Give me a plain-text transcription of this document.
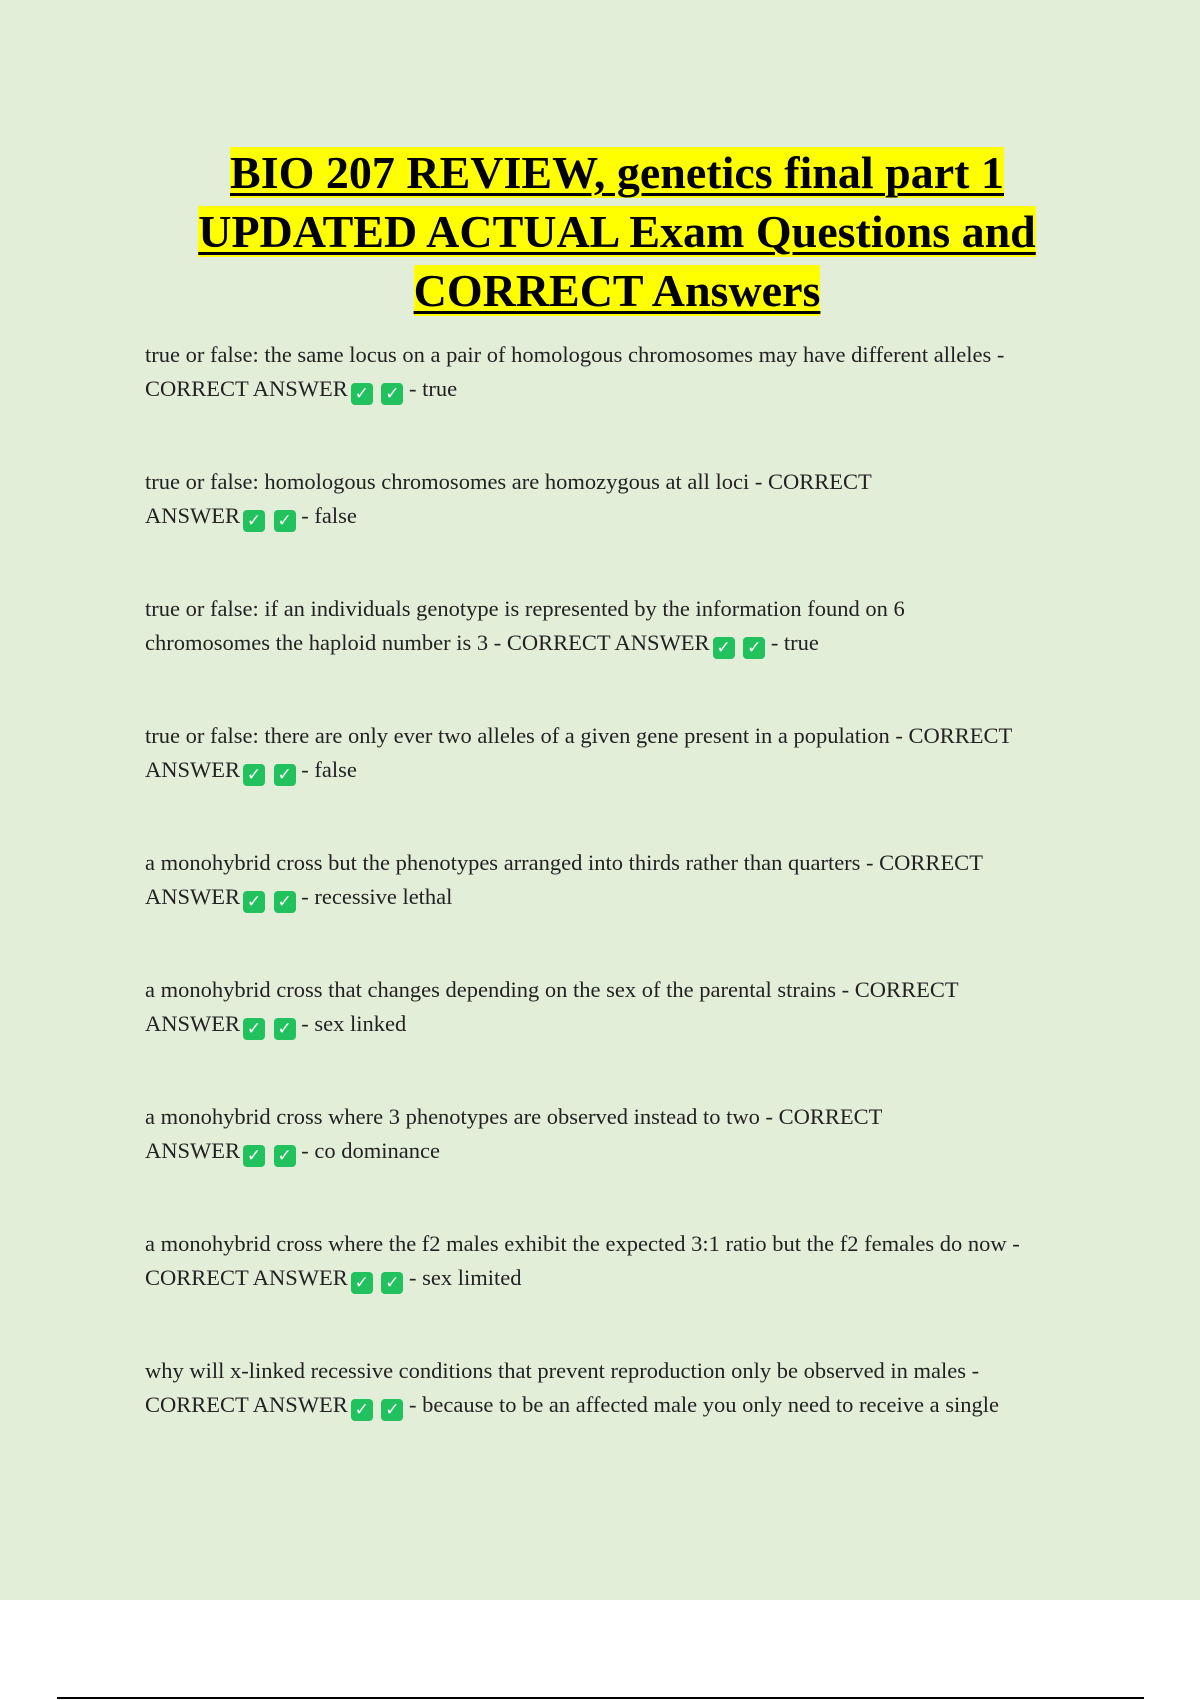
BIO 207 REVIEW, genetics final part 1
UPDATED ACTUAL Exam Questions and
CORRECT Answers
true or false: the same locus on a pair of homologous chromosomes may have different alleles -
CORRECT ANSWER ✓ ✓ - true
true or false: homologous chromosomes are homozygous at all loci - CORRECT
ANSWER ✓ ✓ - false
true or false: if an individuals genotype is represented by the information found on 6
chromosomes the haploid number is 3 - CORRECT ANSWER ✓ ✓ - true
true or false: there are only ever two alleles of a given gene present in a population - CORRECT
ANSWER ✓ ✓ - false
a monohybrid cross but the phenotypes arranged into thirds rather than quarters - CORRECT
ANSWER ✓ ✓ - recessive lethal
a monohybrid cross that changes depending on the sex of the parental strains - CORRECT
ANSWER ✓ ✓ - sex linked
a monohybrid cross where 3 phenotypes are observed instead to two - CORRECT
ANSWER ✓ ✓ - co dominance
a monohybrid cross where the f2 males exhibit the expected 3:1 ratio but the f2 females do now -
CORRECT ANSWER ✓ ✓ - sex limited
why will x-linked recessive conditions that prevent reproduction only be observed in males -
CORRECT ANSWER ✓ ✓ - because to be an affected male you only need to receive a single
